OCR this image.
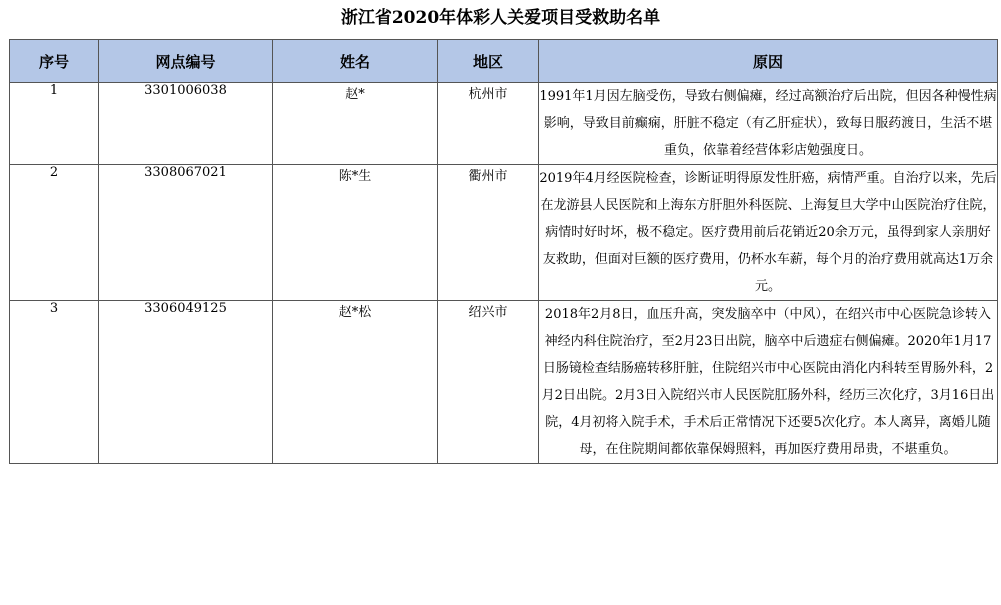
浙江省2020年体彩人关爱项目受救助名单
序号	网点编号	姓名	地区	原因
1	3301006038	赵*	杭州市	1991年1月因左脑受伤，导致右侧偏瘫，经过高额治疗后出院，但因各种慢性病影响，导致目前癫痫，肝脏不稳定（有乙肝症状），致每日服药渡日，生活不堪重负，依靠着经营体彩店勉强度日。
2	3308067021	陈*生	衢州市	2019年4月经医院检查，诊断证明得原发性肝癌，病情严重。自治疗以来，先后在龙游县人民医院和上海东方肝胆外科医院、上海复旦大学中山医院治疗住院，病情时好时坏，极不稳定。医疗费用前后花销近20余万元，虽得到家人亲朋好友救助，但面对巨额的医疗费用，仍杯水车薪，每个月的治疗费用就高达1万余元。
3	3306049125	赵*松	绍兴市	2018年2月8日，血压升高，突发脑卒中（中风），在绍兴市中心医院急诊转入神经内科住院治疗，至2月23日出院，脑卒中后遗症右侧偏瘫。2020年1月17日肠镜检查结肠癌转移肝脏，住院绍兴市中心医院由消化内科转至胃肠外科，2月2日出院。2月3日入院绍兴市人民医院肛肠外科，经历三次化疗，3月16日出院，4月初将入院手术，手术后正常情况下还要5次化疗。本人离异，离婚儿随母，在住院期间都依靠保姆照料，再加医疗费用昂贵，不堪重负。
